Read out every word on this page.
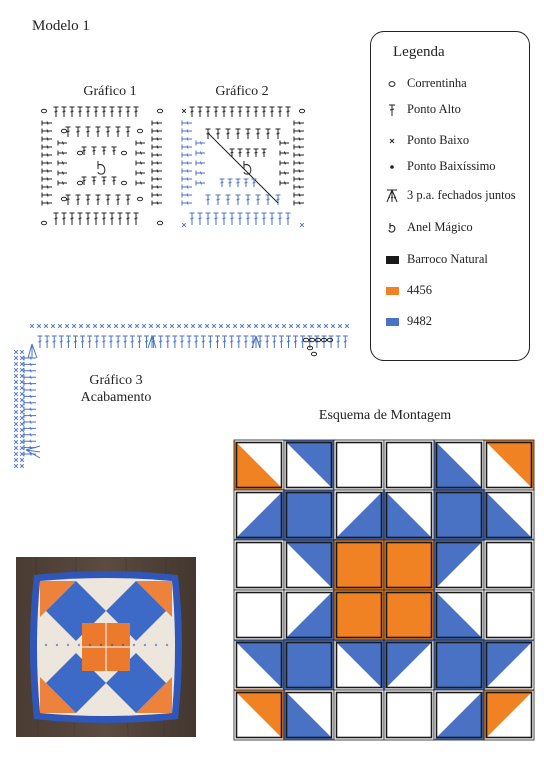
Modelo 1
Gráfico 1	Gráfico 2
Gráfico 3
Acabamento
Legenda
Correntinha
Ponto Alto
Ponto Baixo
Ponto Baixíssimo
3 p.a. fechados juntos
Anel Mágico
Barroco Natural
4456
9482
Esquema de Montagem
